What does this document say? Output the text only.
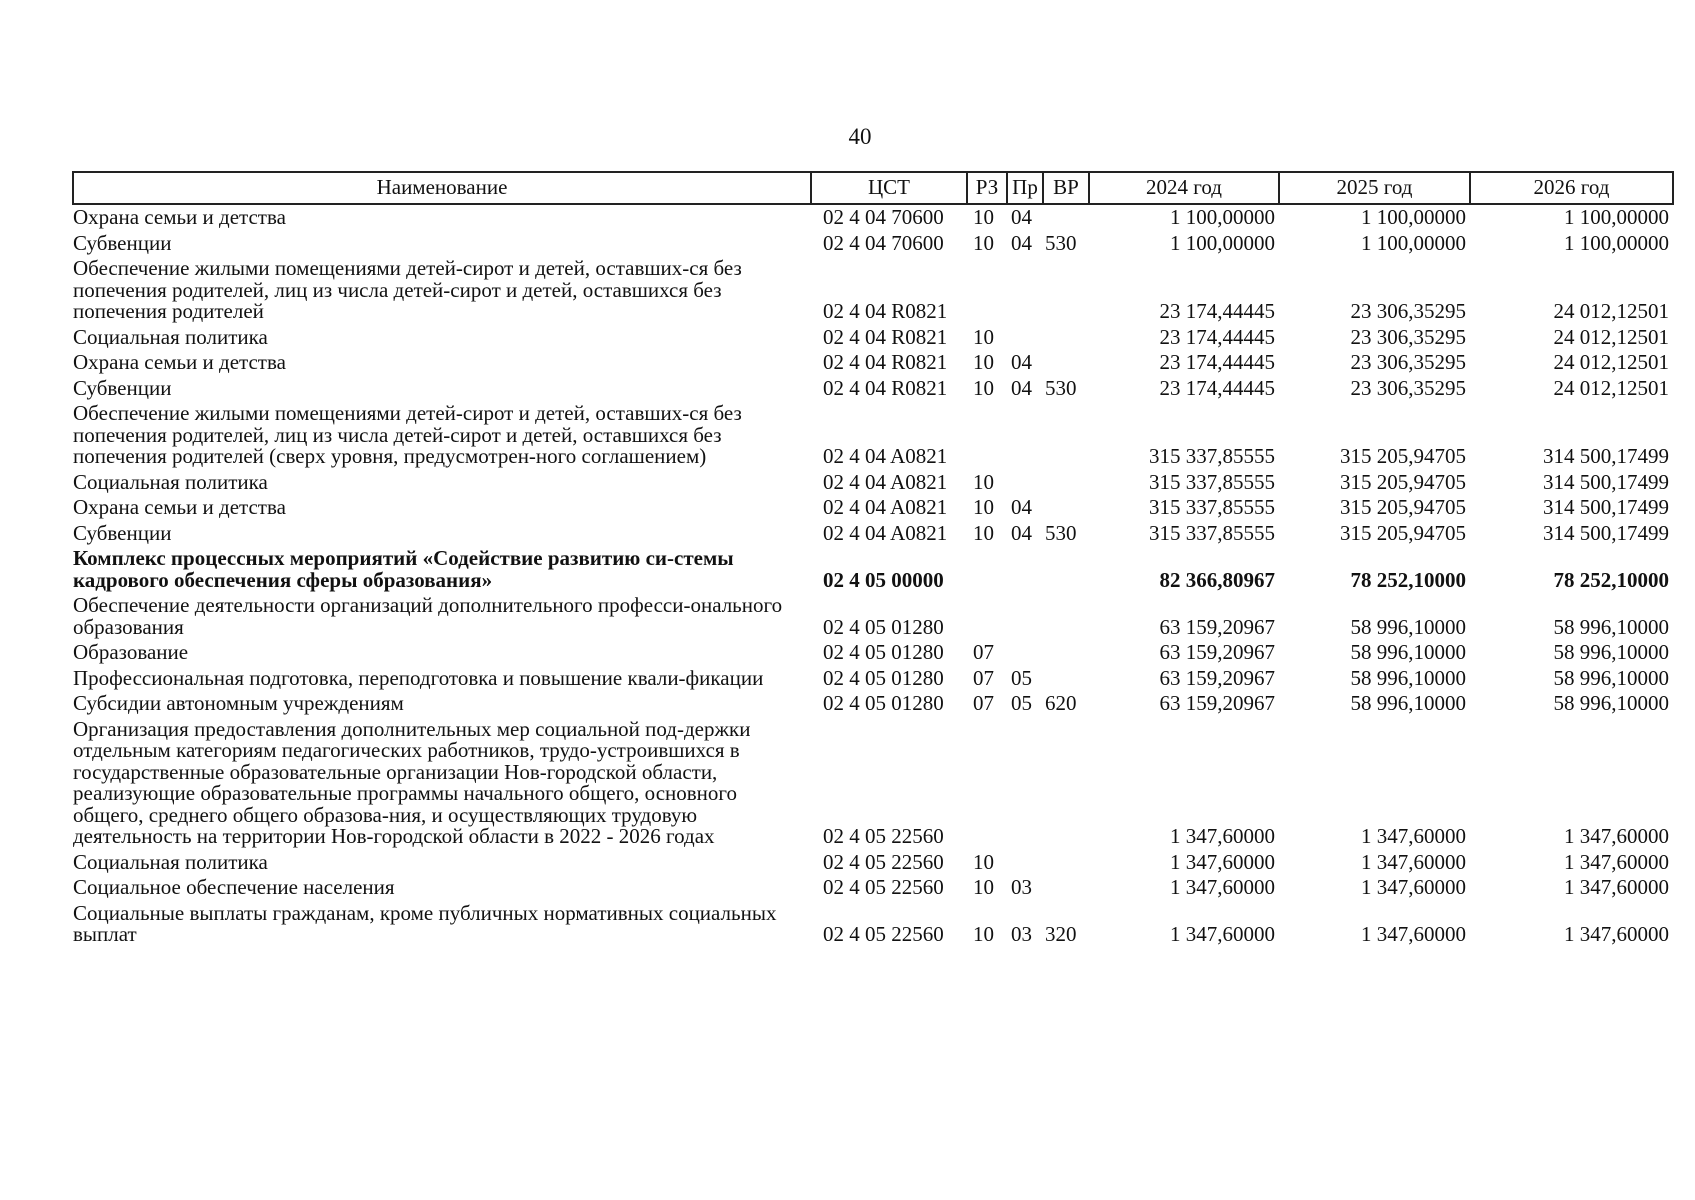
40
Наименование	ЦСТ	РЗ	Пр	ВР	2024 год	2025 год	2026 год
Охрана семьи и детства	02 4 04 70600	10	04		1 100,00000	1 100,00000	1 100,00000
Субвенции	02 4 04 70600	10	04	530	1 100,00000	1 100,00000	1 100,00000
Обеспечение жилыми помещениями детей-сирот и детей, оставших-ся без попечения родителей, лиц из числа детей-сирот и детей, оставшихся без попечения родителей	02 4 04 R0821				23 174,44445	23 306,35295	24 012,12501
Социальная политика	02 4 04 R0821	10			23 174,44445	23 306,35295	24 012,12501
Охрана семьи и детства	02 4 04 R0821	10	04		23 174,44445	23 306,35295	24 012,12501
Субвенции	02 4 04 R0821	10	04	530	23 174,44445	23 306,35295	24 012,12501
Обеспечение жилыми помещениями детей-сирот и детей, оставших-ся без попечения родителей, лиц из числа детей-сирот и детей, оставшихся без попечения родителей (сверх уровня, предусмотрен-ного соглашением)	02 4 04 A0821				315 337,85555	315 205,94705	314 500,17499
Социальная политика	02 4 04 A0821	10			315 337,85555	315 205,94705	314 500,17499
Охрана семьи и детства	02 4 04 A0821	10	04		315 337,85555	315 205,94705	314 500,17499
Субвенции	02 4 04 A0821	10	04	530	315 337,85555	315 205,94705	314 500,17499
Комплекс процессных мероприятий «Содействие развитию си-стемы кадрового обеспечения сферы образования»	02 4 05 00000				82 366,80967	78 252,10000	78 252,10000
Обеспечение деятельности организаций дополнительного професси-онального образования	02 4 05 01280				63 159,20967	58 996,10000	58 996,10000
Образование	02 4 05 01280	07			63 159,20967	58 996,10000	58 996,10000
Профессиональная подготовка, переподготовка и повышение квали-фикации	02 4 05 01280	07	05		63 159,20967	58 996,10000	58 996,10000
Субсидии автономным учреждениям	02 4 05 01280	07	05	620	63 159,20967	58 996,10000	58 996,10000
Организация предоставления дополнительных мер социальной под-держки отдельным категориям педагогических работников, трудо-устроившихся в государственные образовательные организации Нов-городской области, реализующие образовательные программы начального общего, основного общего, среднего общего образова-ния, и осуществляющих трудовую деятельность на территории Нов-городской области в 2022 - 2026 годах	02 4 05 22560				1 347,60000	1 347,60000	1 347,60000
Социальная политика	02 4 05 22560	10			1 347,60000	1 347,60000	1 347,60000
Социальное обеспечение населения	02 4 05 22560	10	03		1 347,60000	1 347,60000	1 347,60000
Социальные выплаты гражданам, кроме публичных нормативных социальных выплат	02 4 05 22560	10	03	320	1 347,60000	1 347,60000	1 347,60000
